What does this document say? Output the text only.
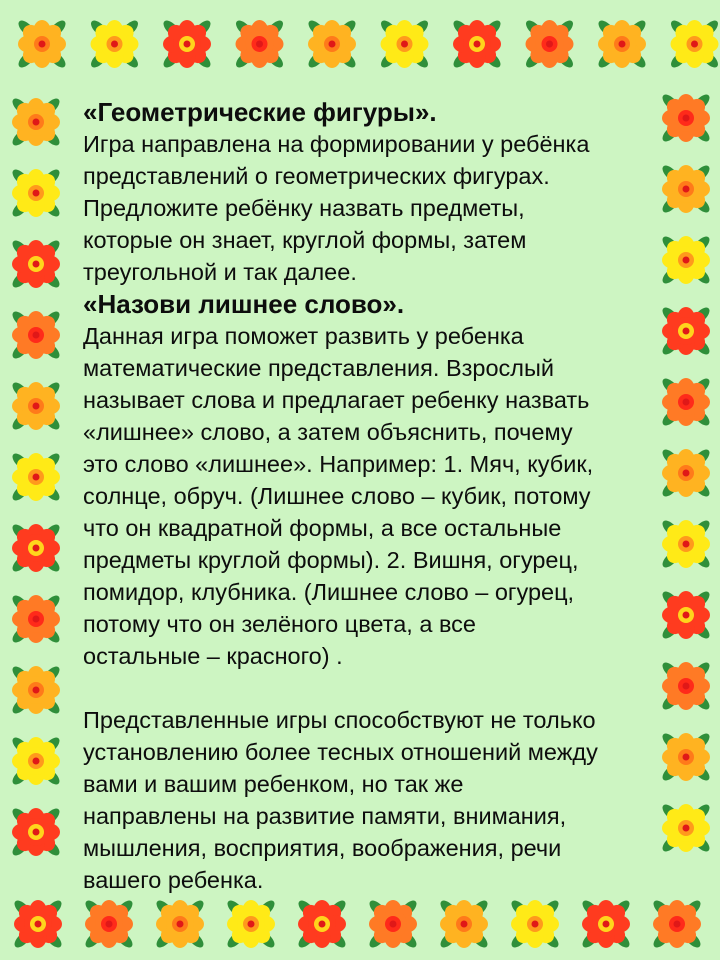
«Геометрические фигуры».

Игра направлена на формировании у ребёнка

представлений о геометрических фигурах.

Предложите ребёнку назвать предметы,

которые он знает, круглой формы, затем

треугольной и так далее.

«Назови лишнее слово».

Данная игра поможет развить у ребенка

математические представления. Взрослый

называет слова и предлагает ребенку назвать

«лишнее» слово, а затем объяснить, почему

это слово «лишнее». Например: 1. Мяч, кубик,

солнце, обруч. (Лишнее слово – кубик, потому

что он квадратной формы, а все остальные

предметы круглой формы). 2. Вишня, огурец,

помидор, клубника. (Лишнее слово – огурец,

потому что он зелёного цвета, а все

остальные – красного) .

Представленные игры способствуют не только

установлению более тесных отношений между

вами и вашим ребенком, но так же

направлены на развитие памяти, внимания,

мышления, восприятия, воображения, речи

вашего ребенка.
